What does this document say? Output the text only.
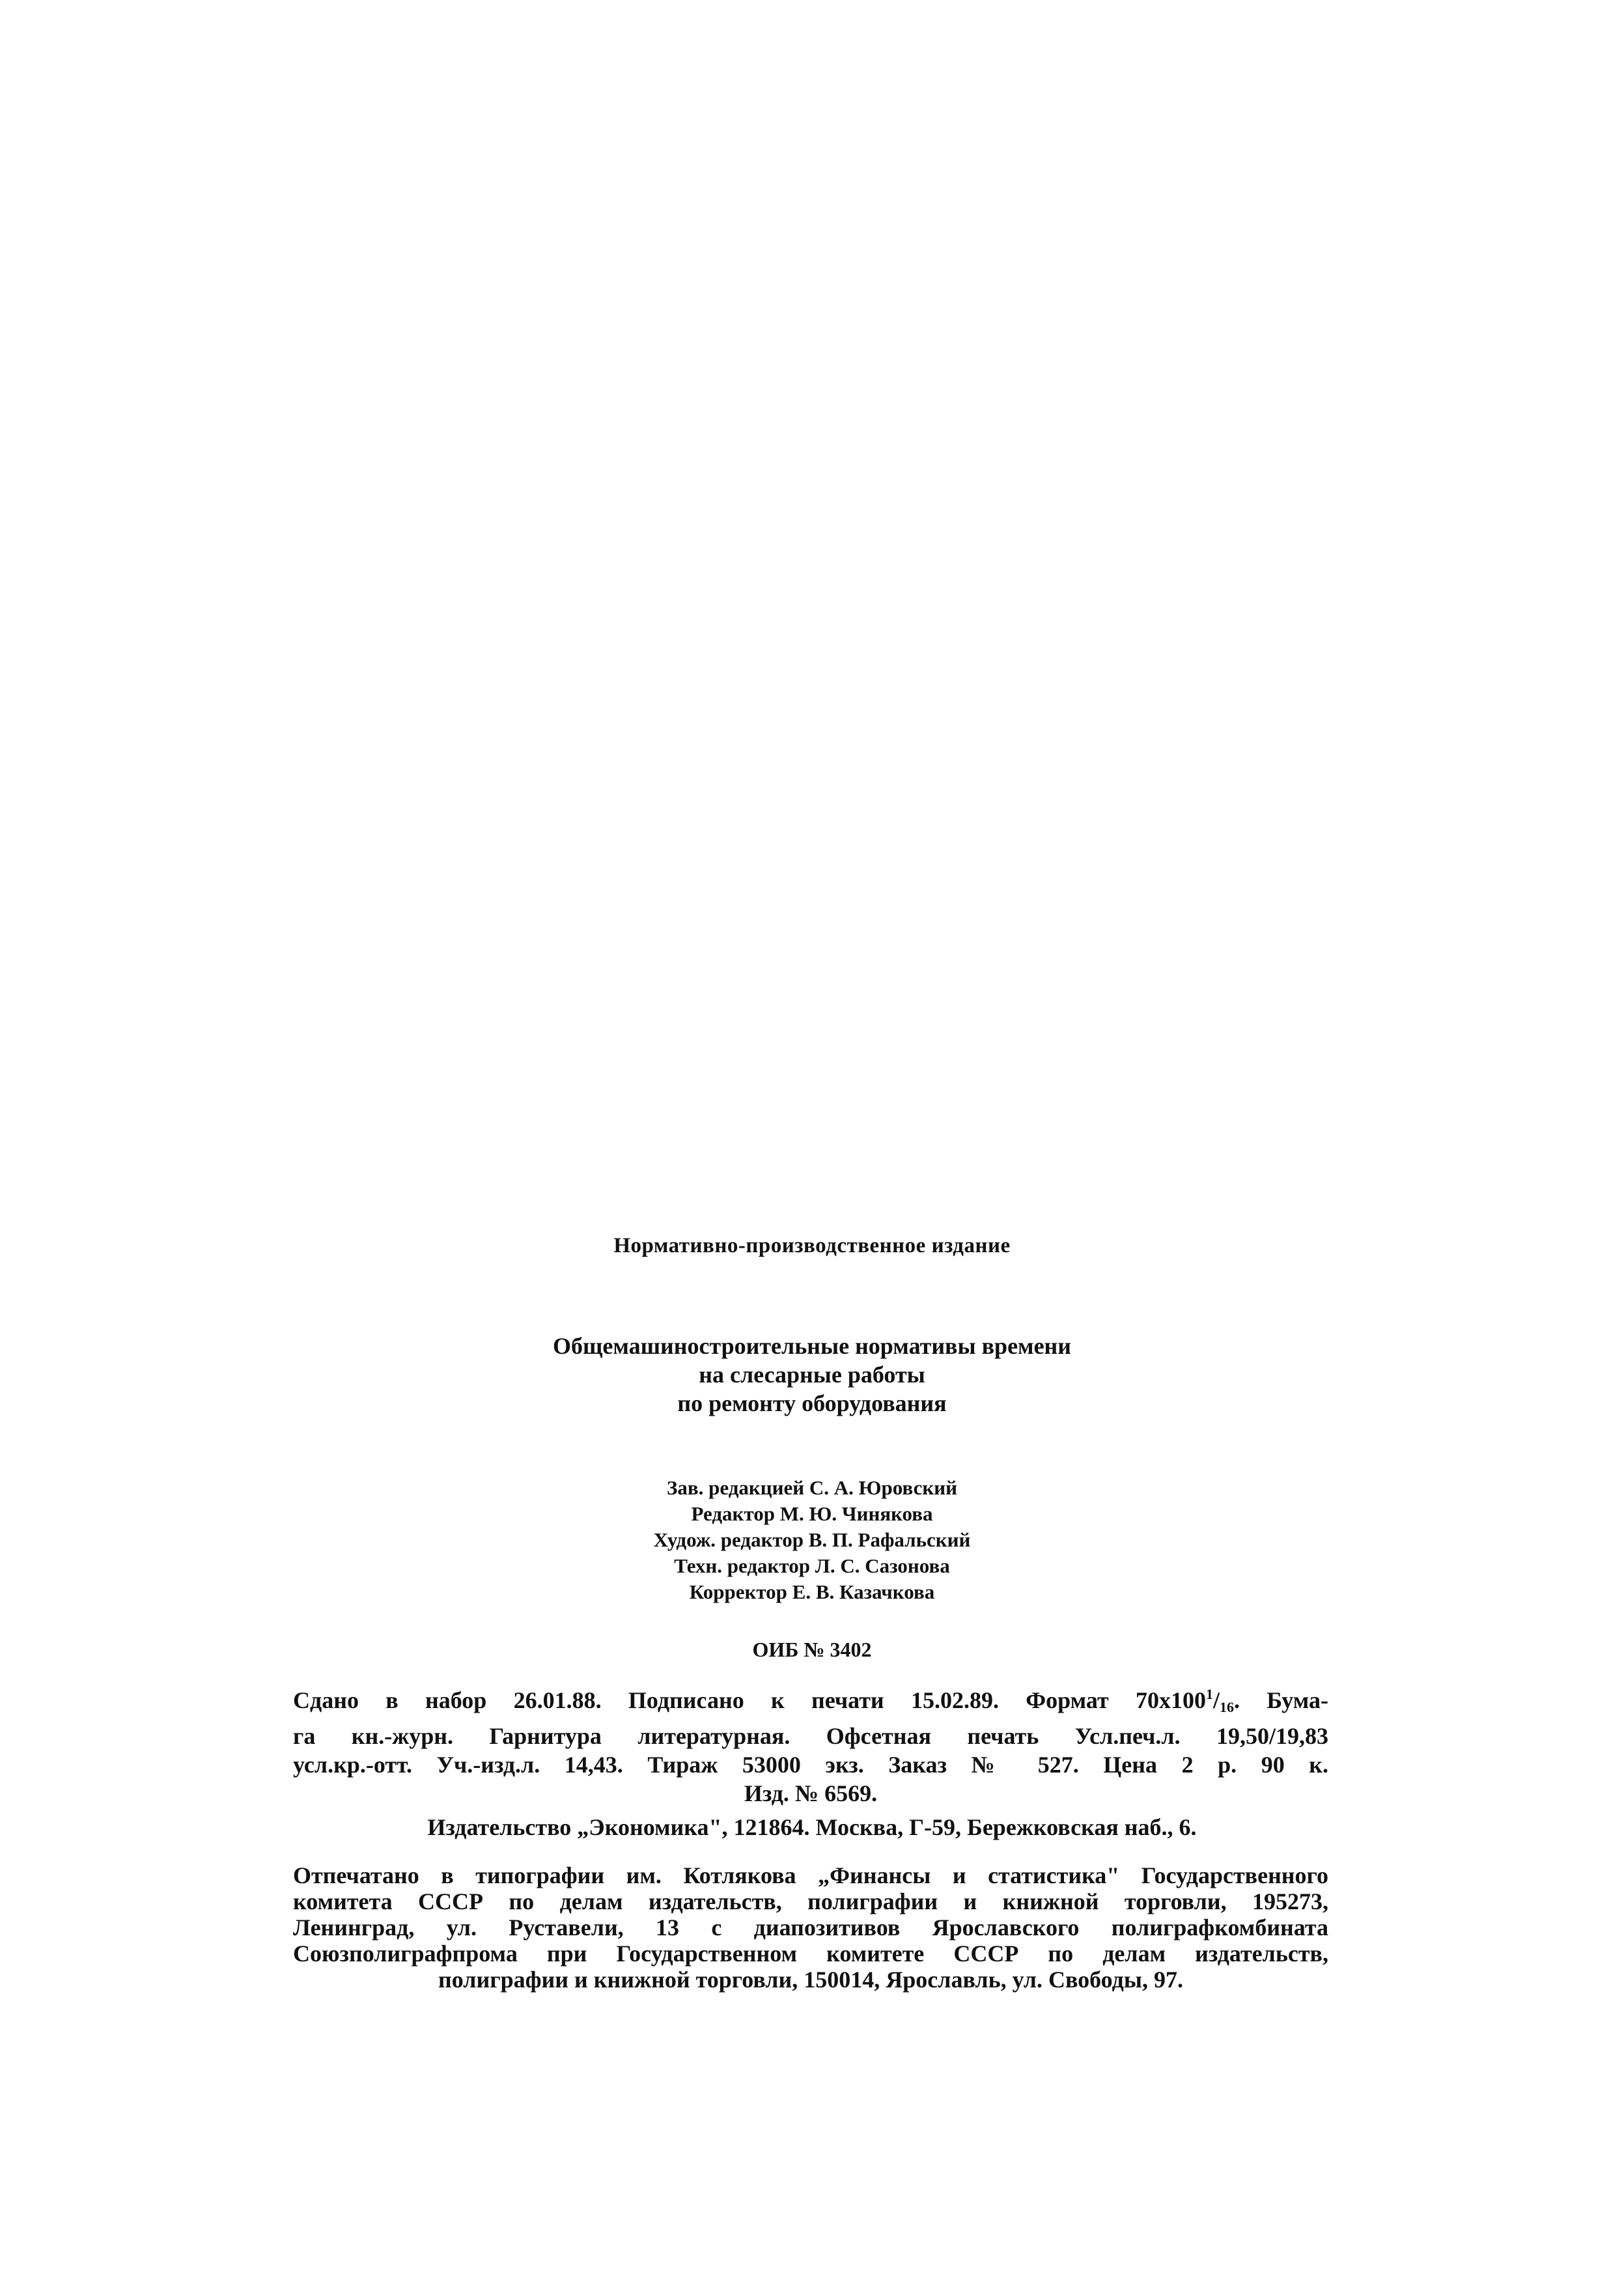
Нормативно-производственное издание
Общемашиностроительные нормативы времени
на слесарные работы
по ремонту оборудования
Зав. редакцией С. А. Юровский
Редактор М. Ю. Чинякова
Худож. редактор В. П. Рафальский
Техн. редактор Л. С. Сазонова
Корректор Е. В. Казачкова
ОИБ № 3402
Сдано в набор 26.01.88. Подписано к печати 15.02.89. Формат $70x100^1/_{16}$. Бума-
га кн.-журн. Гарнитура литературная. Офсетная печать Усл.печ.л. 19,50/19,83
усл.кр.-отт. Уч.-изд.л. 14,43. Тираж 53000 экз. Заказ № 527. Цена 2 р. 90 к.
Изд. № 6569.
Издательство „Экономика", 121864. Москва, Г-59, Бережковская наб., 6.
Отпечатано в типографии им. Котлякова „Финансы и статистика" Государственного
комитета СССР по делам издательств, полиграфии и книжной торговли, 195273,
Ленинград, ул. Руставели, 13 с диапозитивов Ярославского полиграфкомбината
Союзполиграфпрома при Государственном комитете СССР по делам издательств,
полиграфии и книжной торговли, 150014, Ярославль, ул. Свободы, 97.
